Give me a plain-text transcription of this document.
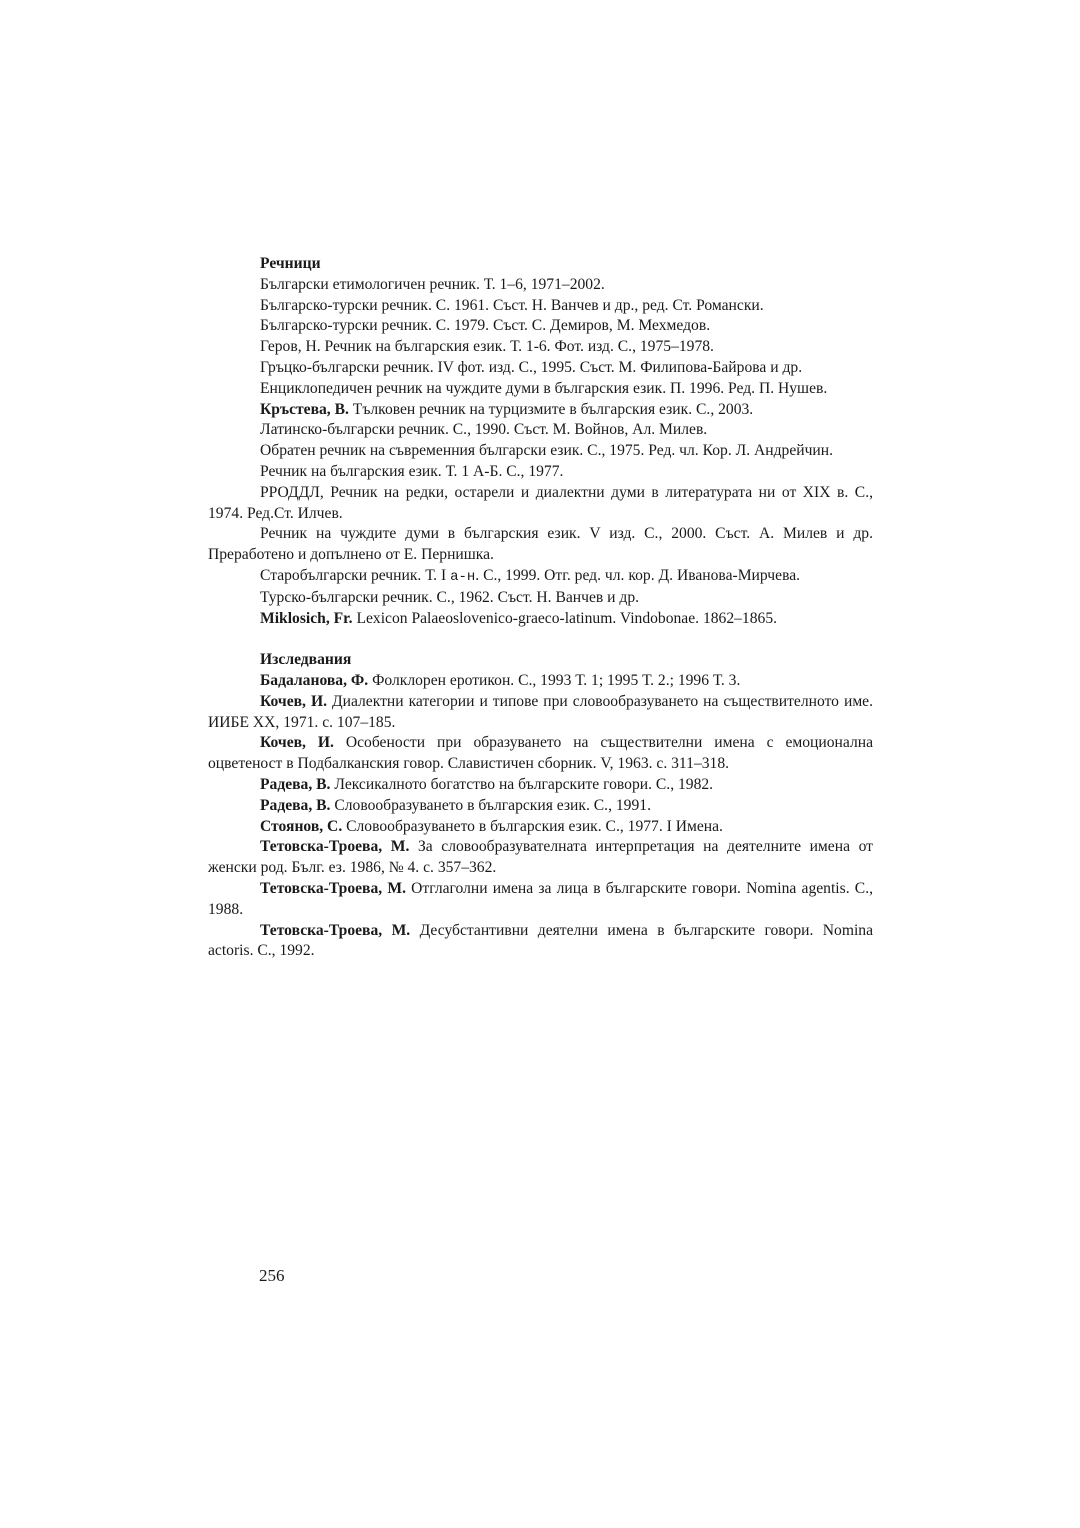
Речници
Български етимологичен речник. Т. 1–6, 1971–2002.
Българско-турски речник. С. 1961. Съст. Н. Ванчев и др., ред. Ст. Романски.
Българско-турски речник. С. 1979. Съст. С. Демиров, М. Мехмедов.
Геров, Н. Речник на българския език. Т. 1-6. Фот. изд. С., 1975–1978.
Гръцко-български речник. IV фот. изд. С., 1995. Съст. М. Филипова-Байрова и др.
Енциклопедичен речник на чуждите думи в българския език. П. 1996. Ред. П. Нушев.
Кръстева, В. Тълковен речник на турцизмите в българския език. С., 2003.
Латинско-български речник. С., 1990. Съст. М. Войнов, Ал. Милев.
Обратен речник на съвременния български език. С., 1975. Ред. чл. Кор. Л. Андрейчин.
Речник на българския език. Т. 1 А-Б. С., 1977.
РРОДДЛ, Речник на редки, остарели и диалектни думи в литературата ни от XIX в. С., 1974. Ред.Ст. Илчев.
Речник на чуждите думи в българския език. V изд. С., 2000. Съст. А. Милев и др. Преработено и допълнено от Е. Пернишка.
Старобългарски речник. Т. I а-н. С., 1999. Отг. ред. чл. кор. Д. Иванова-Мирчева.
Турско-български речник. С., 1962. Съст. Н. Ванчев и др.
Miklosich, Fr. Lexicon Palaeoslovenico-graeco-latinum. Vindobonae. 1862–1865.
Изследвания
Бадаланова, Ф. Фолклорен еротикон. С., 1993 Т. 1; 1995 Т. 2.; 1996 Т. 3.
Кочев, И. Диалектни категории и типове при словообразуването на съществителното име. ИИБЕ XX, 1971. с. 107–185.
Кочев, И. Особености при образуването на съществителни имена с емоционална оцветеност в Подбалканския говор. Славистичен сборник. V, 1963. с. 311–318.
Радева, В. Лексикалното богатство на българските говори. С., 1982.
Радева, В. Словообразуването в българския език. С., 1991.
Стоянов, С. Словообразуването в българския език. С., 1977. I Имена.
Тетовска-Троева, М. За словообразувателната интерпретация на деятелните имена от женски род. Бълг. ез. 1986, № 4. с. 357–362.
Тетовска-Троева, М. Отглаголни имена за лица в българските говори. Nomina agentis. С., 1988.
Тетовска-Троева, М. Десубстантивни деятелни имена в българските говори. Nomina actoris. С., 1992.
256
